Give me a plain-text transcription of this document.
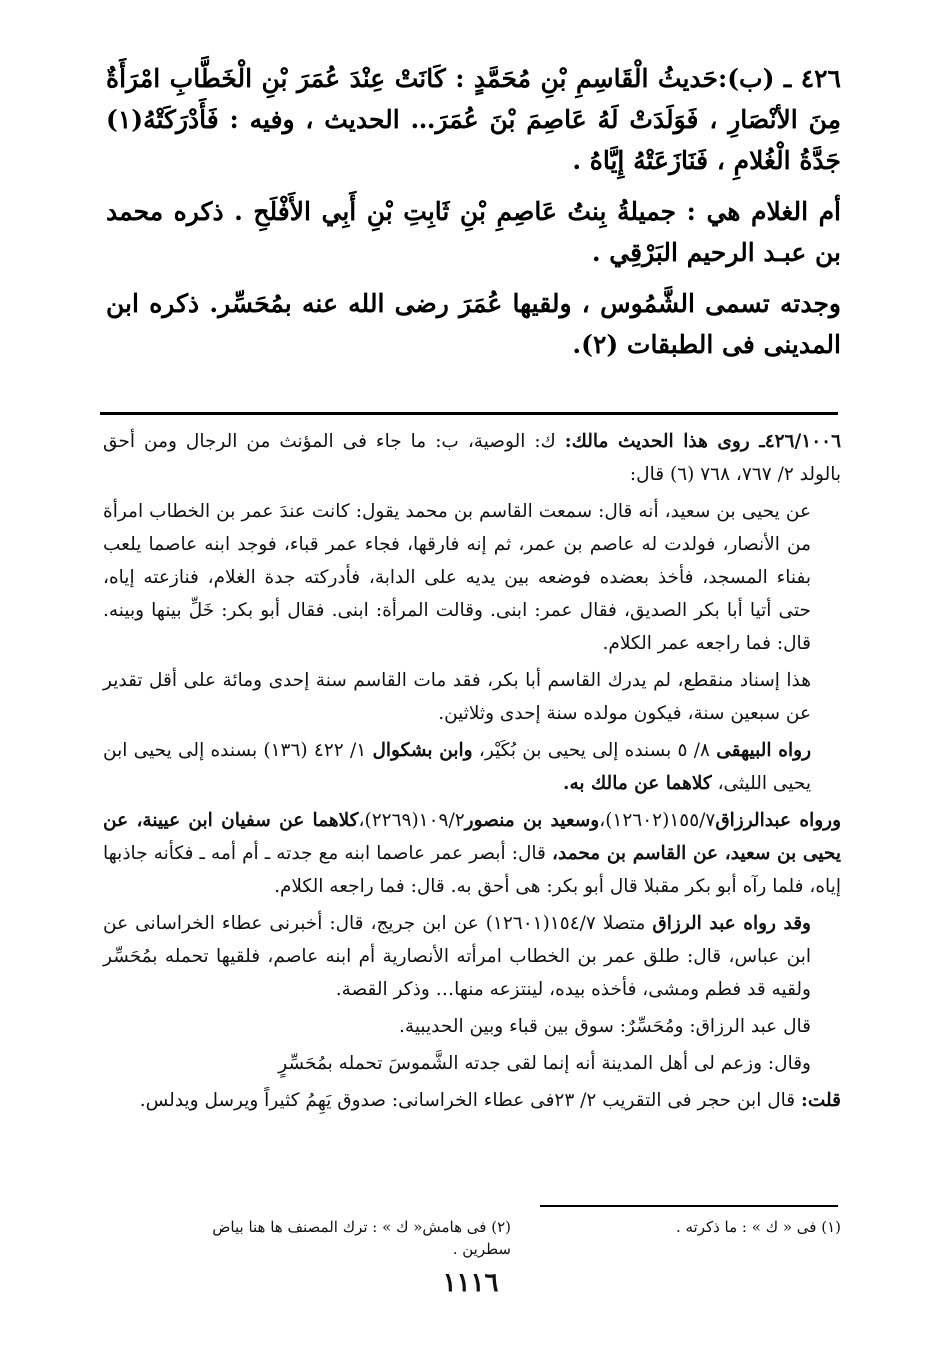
٤٢٦ ـ (ب):حَديثُ الْقَاسِمِ بْنِ مُحَمَّدٍ : كَانَتْ عِنْدَ عُمَرَ بْنِ الْخَطَّابِ امْرَأَةٌ مِنَ الأنْصَارِ ، فَوَلَدَتْ لَهُ عَاصِمَ بْنَ عُمَرَ… الحديث ، وفيه : فَأَدْرَكَتْهُ(١) جَدَّةُ الْغُلامِ ، فَنَازَعَتْهُ إِيَّاهُ .

أم الغلام هي : جميلةُ بِنتُ عَاصِمِ بْنِ ثَابِتِ بْنِ أَبِي الأَفْلَحِ . ذكره محمد بن عبـد الرحيم البَرْقِي .

وجدته تسمى الشَّمُوس ، ولقيها عُمَرَ رضى الله عنه بمُحَسِّر. ذكره ابن المدينى فى الطبقات (٢).

٤٢٦/١٠٠٦ـ روى هذا الحديث مالك: ك: الوصية، ب: ما جاء فى المؤنث من الرجال ومن أحق بالولد ٢/ ٧٦٧، ٧٦٨ (٦) قال:

عن يحيى بن سعيد، أنه قال: سمعت القاسم بن محمد يقول: كانت عندَ عمر بن الخطاب امرأة من الأنصار، فولدت له عاصم بن عمر، ثم إنه فارقها، فجاء عمر قباء، فوجد ابنه عاصما يلعب بفناء المسجد، فأخذ بعضده فوضعه بين يديه على الدابة، فأدركته جدة الغلام، فنازعته إياه، حتى أتيا أبا بكر الصديق، فقال عمر: ابنى. وقالت المرأة: ابنى. فقال أبو بكر: خَلِّ بينها وبينه. قال: فما راجعه عمر الكلام.

هذا إسناد منقطع، لم يدرك القاسم أبا بكر، فقد مات القاسم سنة إحدى ومائة على أقل تقدير عن سبعين سنة، فيكون مولده سنة إحدى وثلاثين.

رواه البيهقى ٨/ ٥ بسنده إلى يحيى بن بُكَيْر، وابن بشكوال ١/ ٤٢٢ (١٣٦) بسنده إلى يحيى ابن يحيى الليثى، كلاهما عن مالك به.

ورواه عبدالرزاق١٥٥/٧(١٢٦٠٢)،وسعيد بن منصور١٠٩/٢(٢٢٦٩)،كلاهما عن سفيان ابن عيينة، عن يحيى بن سعيد، عن القاسم بن محمد، قال: أبصر عمر عاصما ابنه مع جدته ـ أم أمه ـ فكأنه جاذبها إياه، فلما رآه أبو بكر مقبلا قال أبو بكر: هى أحق به. قال: فما راجعه الكلام.

وقد رواه عبد الرزاق متصلا ١٥٤/٧(١٢٦٠١) عن ابن جريج، قال: أخبرنى عطاء الخراسانى عن ابن عباس، قال: طلق عمر بن الخطاب امرأته الأنصارية أم ابنه عاصم، فلقيها تحمله بمُحَسِّر ولقيه قد فطم ومشى، فأخذه بيده، لينتزعه منها… وذكر القصة.

قال عبد الرزاق: ومُحَسِّرٌ: سوق بين قباء وبين الحديبية.

وقال: وزعم لى أهل المدينة أنه إنما لقى جدته الشَّموسَ تحمله بمُحَسِّرٍ

قلت: قال ابن حجر فى التقريب ٢/ ٢٣فى عطاء الخراسانى: صدوق يَهِمُ كثيراً ويرسل ويدلس.

(١) فى « ك » : ما ذكرته .
(٢) فى هامش« ك » : ترك المصنف ها هنا بياض سطرين .
١١١٦
